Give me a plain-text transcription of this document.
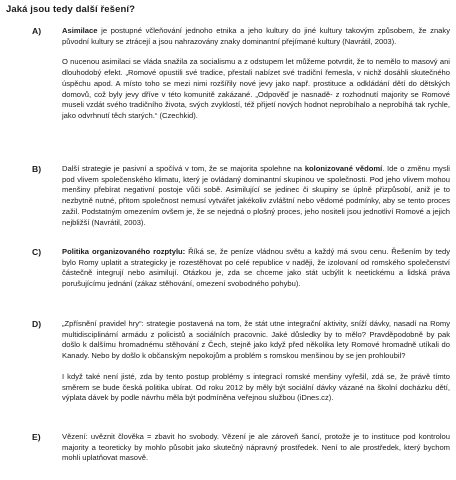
Jaká jsou tedy další řešení?
A)	Asimilace je postupné včleňování jednoho etnika a jeho kultury do jiné kultury takovým způsobem, že znaky původní kultury se ztrácejí a jsou nahrazovány znaky dominantní přejímané kultury (Navrátil, 2003).

O nucenou asimilaci se vláda snažila za socialismu a z odstupem let můžeme potvrdit, že to nemělo to masový ani dlouhodobý efekt. „Romové opustili své tradice, přestali nabízet své tradiční řemesla, v nichž dosáhli skutečného úspěchu apod. A místo toho se mezi nimi rozšířily nové jevy jako např. prostituce a odkládání dětí do dětských domovů, což byly jevy dříve v této komunitě zakázané. „Odpověď je nasnadě- z rozhodnutí majority se Romové museli vzdát svého tradičního života, svých zvyklostí, též přijetí nových hodnot neprobíhalo a neprobíhá tak rychle, jako odvrhnutí těch starých.“ (Czechkid).

B)	Další strategie je pasivní a spočívá v tom, že se majorita spolehne na kolonizované vědomí. Ide o změnu mysli pod vlivem společenského klimatu, který je ovládaný dominantní skupinou ve společnosti. Pod jeho vlivem mohou menšiny přebírat negativní postoje vůči sobě. Asimilující se jedinec či skupiny se úplně přizpůsobí, aniž je to nezbytně nutné, přitom společnost nemusí vytvářet jakékoliv zvláštní nebo vědomé podmínky, aby se tento proces zažil. Podstatným omezením ovšem je, že se nejedná o plošný proces, jeho nositeli jsou jednotliví Romové a jejich nejbližší (Navrátil, 2003).

C)	Politika organizovaného rozptylu: Říká se, že peníze vládnou světu a každý má svou cenu. Řešením by tedy bylo Romy uplatit a strategicky je rozestěhovat po celé republice v naději, že izolovaní od romského společenství částečně integrují nebo asimilují. Otázkou je, zda se chceme jako stát ucbýlit k neetickému a lidská práva porušujícímu jednání (zákaz stěhování, omezení svobodného pohybu).

D)	„Zpřísnění pravidel hry“: strategie postavená na tom, že stát utne integrační aktivity, sníží dávky, nasadí na Romy multidisciplinární armádu z policistů a sociálních pracovnic. Jaké důsledky by to mělo? Pravděpodobně by pak došlo k dalšímu hromadnému stěhování z Čech, stejně jako když před několika lety Romové hromadně utíkali do Kanady. Nebo by došlo k občanským nepokojům a problém s romskou menšinou by se jen prohloubil?

I když také není jisté, zda by tento postup problémy s integrací romské menšiny vyřešil, zdá se, že právě tímto směrem se bude česká politika ubírat. Od roku 2012 by měly být sociální dávky vázané na školní docházku dětí, výplata dávek by podle návrhu měla být podmíněna veřejnou službou (iDnes.cz).

E)	Vězení: uvěznit člověka = zbavit ho svobody. Vězení je ale zároveň šancí, protože je to instituce pod kontrolou majority a teoreticky by mohlo působit jako skutečný nápravný prostředek. Není to ale prostředek, který bychom mohli uplatňovat masově.
